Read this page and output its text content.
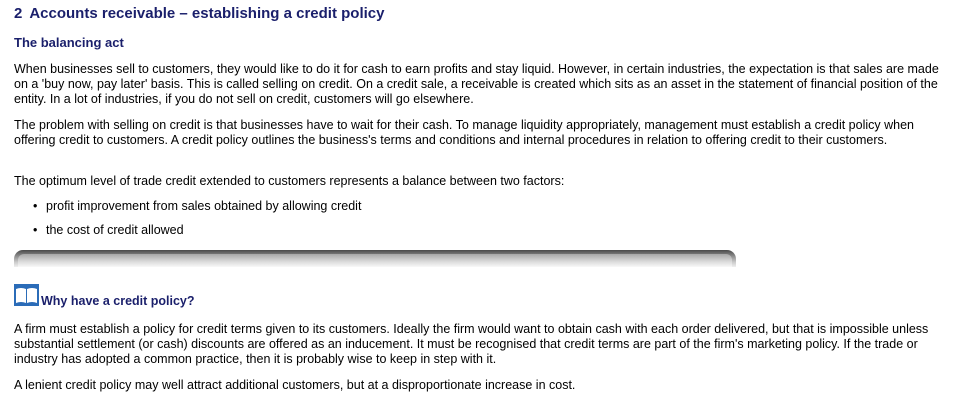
2 Accounts receivable – establishing a credit policy
The balancing act

When businesses sell to customers, they would like to do it for cash to earn profits and stay liquid. However, in certain industries, the expectation is that sales are made on a 'buy now, pay later' basis. This is called selling on credit. On a credit sale, a receivable is created which sits as an asset in the statement of financial position of the entity. In a lot of industries, if you do not sell on credit, customers will go elsewhere.

The problem with selling on credit is that businesses have to wait for their cash. To manage liquidity appropriately, management must establish a credit policy when offering credit to customers. A credit policy outlines the business's terms and conditions and internal procedures in relation to offering credit to their customers.

The optimum level of trade credit extended to customers represents a balance between two factors:

• profit improvement from sales obtained by allowing credit
• the cost of credit allowed
Why have a credit policy?

A firm must establish a policy for credit terms given to its customers. Ideally the firm would want to obtain cash with each order delivered, but that is impossible unless substantial settlement (or cash) discounts are offered as an inducement. It must be recognised that credit terms are part of the firm's marketing policy. If the trade or industry has adopted a common practice, then it is probably wise to keep in step with it.

A lenient credit policy may well attract additional customers, but at a disproportionate increase in cost.
